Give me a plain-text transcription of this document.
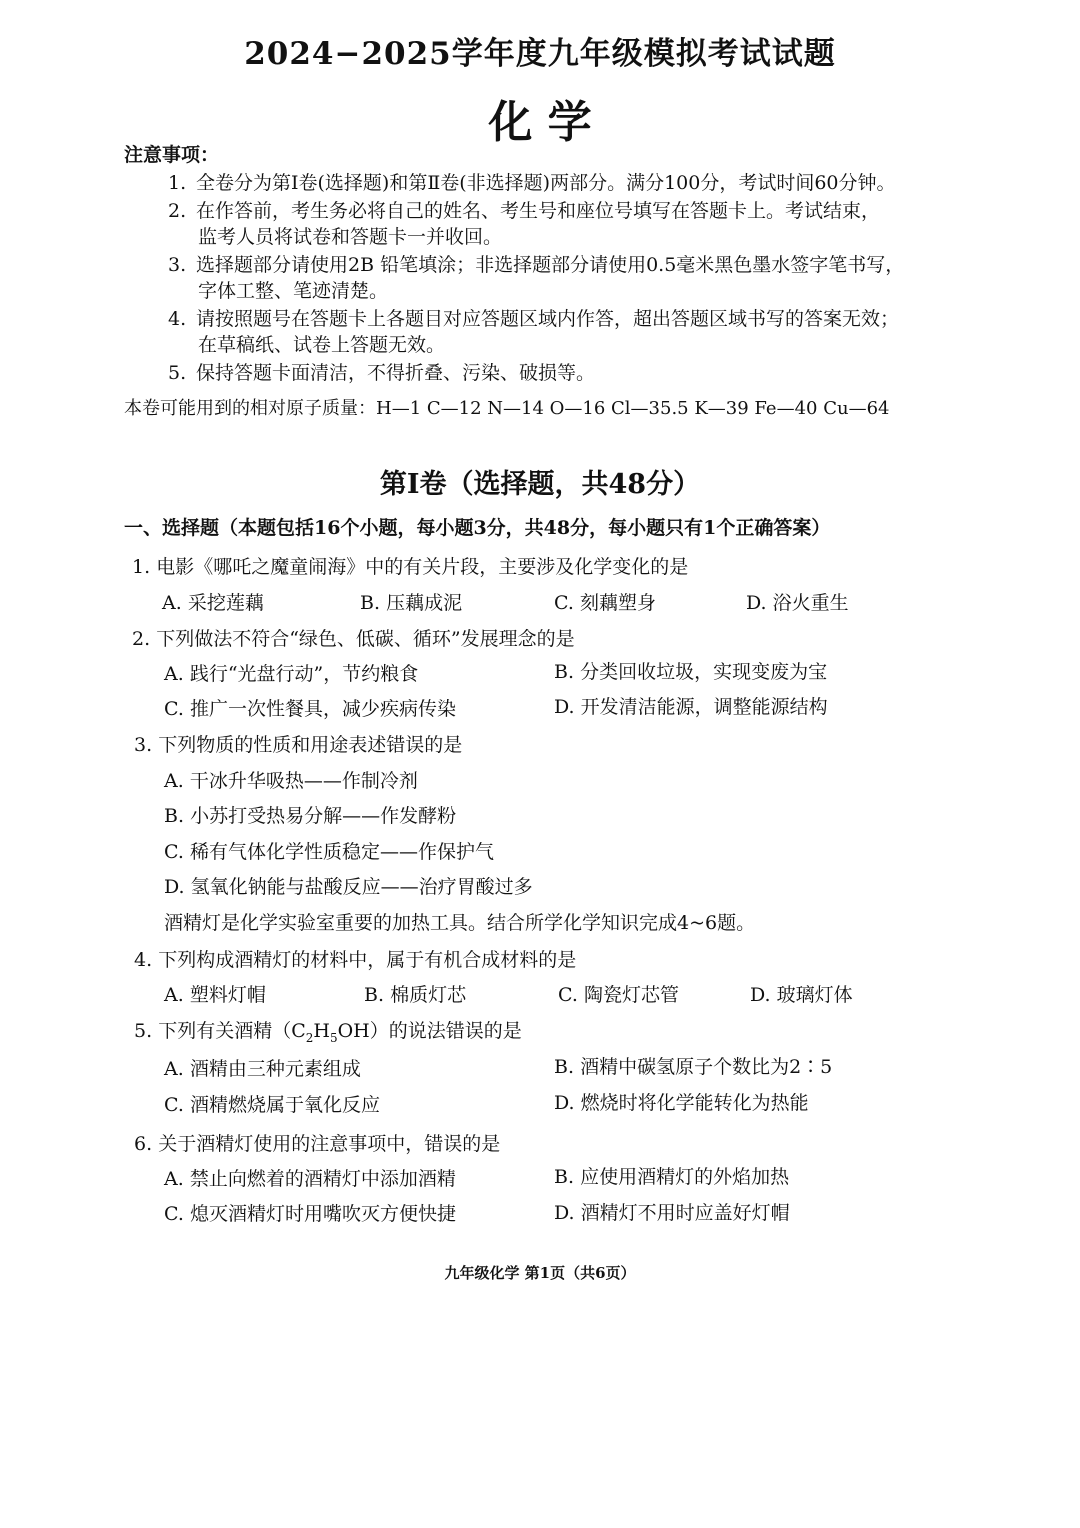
2024−2025学年度九年级模拟考试试题
化 学
注意事项：
1. 全卷分为第Ⅰ卷(选择题)和第Ⅱ卷(非选择题)两部分。满分100分，考试时间60分钟。
2. 在作答前，考生务必将自己的姓名、考生号和座位号填写在答题卡上。考试结束，
监考人员将试卷和答题卡一并收回。
3. 选择题部分请使用2B 铅笔填涂；非选择题部分请使用0.5毫米黑色墨水签字笔书写，
字体工整、笔迹清楚。
4. 请按照题号在答题卡上各题目对应答题区域内作答，超出答题区域书写的答案无效；
在草稿纸、试卷上答题无效。
5. 保持答题卡面清洁，不得折叠、污染、破损等。
本卷可能用到的相对原子质量：H—1 C—12 N—14 O—16 Cl—35.5 K—39 Fe—40 Cu—64
第Ⅰ卷（选择题，共48分）
一、选择题（本题包括16个小题，每小题3分，共48分，每小题只有1个正确答案）
1. 电影《哪吒之魔童闹海》中的有关片段，主要涉及化学变化的是
A. 采挖莲藕	B. 压藕成泥	C. 刻藕塑身	D. 浴火重生
2. 下列做法不符合“绿色、低碳、循环”发展理念的是
A. 践行“光盘行动”，节约粮食	B. 分类回收垃圾，实现变废为宝
C. 推广一次性餐具，减少疾病传染	D. 开发清洁能源，调整能源结构
3. 下列物质的性质和用途表述错误的是
A. 干冰升华吸热——作制冷剂
B. 小苏打受热易分解——作发酵粉
C. 稀有气体化学性质稳定——作保护气
D. 氢氧化钠能与盐酸反应——治疗胃酸过多
酒精灯是化学实验室重要的加热工具。结合所学化学知识完成4~6题。
4. 下列构成酒精灯的材料中，属于有机合成材料的是
A. 塑料灯帽	B. 棉质灯芯	C. 陶瓷灯芯管	D. 玻璃灯体
5. 下列有关酒精$(C_2H_5OH)$的说法错误的是
A. 酒精由三种元素组成	B. 酒精中碳氢原子个数比为2∶5
C. 酒精燃烧属于氧化反应	D. 燃烧时将化学能转化为热能
6. 关于酒精灯使用的注意事项中，错误的是
A. 禁止向燃着的酒精灯中添加酒精	B. 应使用酒精灯的外焰加热
C. 熄灭酒精灯时用嘴吹灭方便快捷	D. 酒精灯不用时应盖好灯帽
九年级化学 第1页（共6页）
